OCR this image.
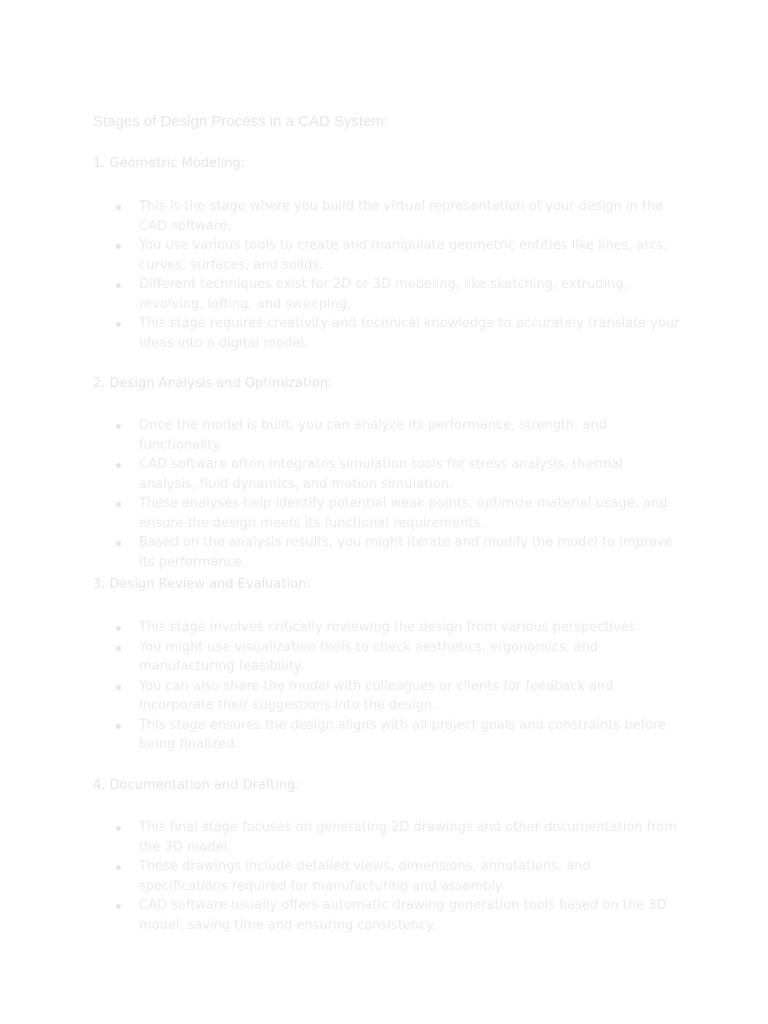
Stages of Design Process in a CAD System:
1. Geometric Modeling:
This is the stage where you build the virtual representation of your design in the CAD software.
You use various tools to create and manipulate geometric entities like lines, arcs, curves, surfaces, and solids.
Different techniques exist for 2D or 3D modeling, like sketching, extruding, revolving, lofting, and sweeping.
This stage requires creativity and technical knowledge to accurately translate your ideas into a digital model.
2. Design Analysis and Optimization:
Once the model is built, you can analyze its performance, strength, and functionality.
CAD software often integrates simulation tools for stress analysis, thermal analysis, fluid dynamics, and motion simulation.
These analyses help identify potential weak points, optimize material usage, and ensure the design meets its functional requirements.
Based on the analysis results, you might iterate and modify the model to improve its performance.
3. Design Review and Evaluation:
This stage involves critically reviewing the design from various perspectives.
You might use visualization tools to check aesthetics, ergonomics, and manufacturing feasibility.
You can also share the model with colleagues or clients for feedback and incorporate their suggestions into the design.
This stage ensures the design aligns with all project goals and constraints before being finalized.
4. Documentation and Drafting:
This final stage focuses on generating 2D drawings and other documentation from the 3D model.
These drawings include detailed views, dimensions, annotations, and specifications required for manufacturing and assembly.
CAD software usually offers automatic drawing generation tools based on the 3D model, saving time and ensuring consistency.
